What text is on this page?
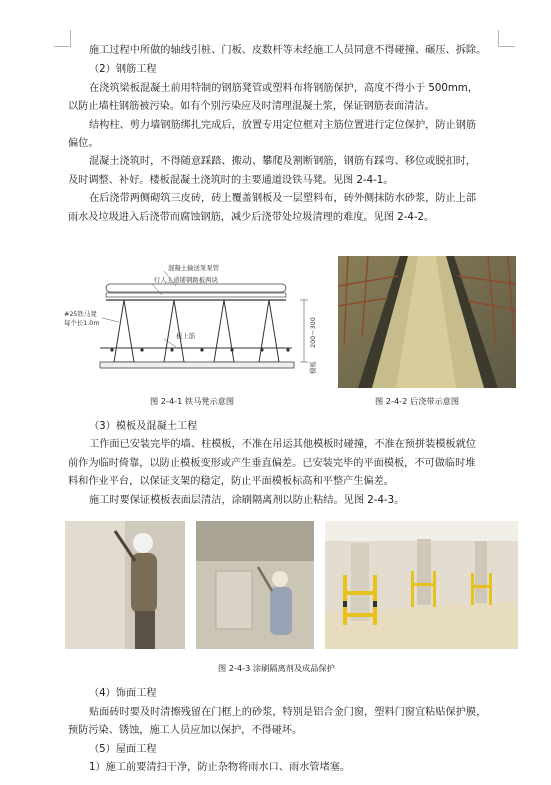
施工过程中所做的轴线引桩、门板、皮数杆等未经施工人员同意不得碰撞、碾压、拆除。
（2）钢筋工程
在浇筑梁板混凝土前用特制的钢筋凳管或塑料布将钢筋保护，高度不得小于 500mm，
以防止墙柱钢筋被污染。如有个别污染应及时清理混凝土浆，保证钢筋表面清洁。
结构柱、剪力墙钢筋绑扎完成后，放置专用定位框对主筋位置进行定位保护，防止钢筋
偏位。
混凝土浇筑时，不得随意踩踏、搬动、攀爬及割断钢筋，钢筋有踩弯、移位或脱扣时，
及时调整、补好。楼板混凝土浇筑时的主要通道设铁马凳。见图 2-4-1。
在后浇带两侧砌筑三皮砖，砖上覆盖钢板及一层塑料布，砖外侧抹防水砂浆，防止上部
雨水及垃圾进入后浇带而腐蚀钢筋，减少后浇带处垃圾清理的难度。见图 2-4-2。
混凝土输送泵泵管
行人主道铺钢跳板两块
#25铁马凳
每个长1.0m
板上筋	200～300
模板
图 2-4-1 铁马凳示意图	图 2-4-2 后浇带示意图
（3）模板及混凝土工程
工作面已安装完毕的墙、柱模板，不准在吊运其他模板时碰撞，不准在预拼装模板就位
前作为临时倚靠，以防止模板变形或产生垂直偏差。已安装完毕的平面模板，不可做临时堆
料和作业平台，以保证支架的稳定，防止平面模板标高和平整产生偏差。
施工时要保证模板表面层清洁，涂刷隔离剂以防止粘结。见图 2-4-3。
图 2-4-3 涂刷隔离剂及成品保护
（4）饰面工程
贴面砖时要及时清擦残留在门框上的砂浆，特别是铝合金门窗，塑料门窗宜粘贴保护膜，
预防污染、锈蚀，施工人员应加以保护，不得碰坏。
（5）屋面工程
1）施工前要清扫干净，防止杂物将雨水口、雨水管堵塞。
